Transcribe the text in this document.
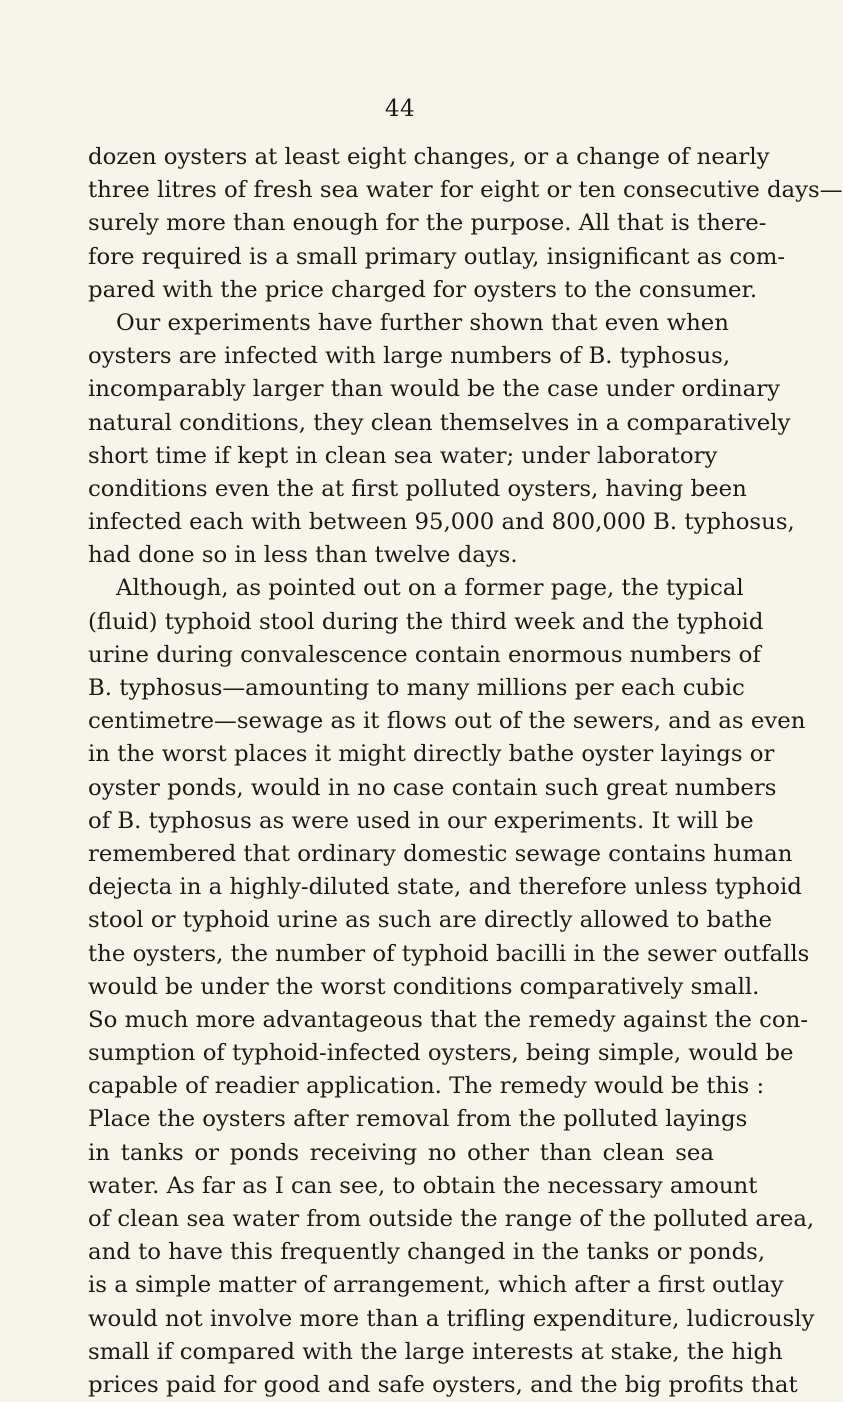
44
dozen oysters at least eight changes, or a change of nearly
three litres of fresh sea water for eight or ten consecutive days—
surely more than enough for the purpose. All that is there-
fore required is a small primary outlay, insignificant as com-
pared with the price charged for oysters to the consumer.
Our experiments have further shown that even when
oysters are infected with large numbers of B. typhosus,
incomparably larger than would be the case under ordinary
natural conditions, they clean themselves in a comparatively
short time if kept in clean sea water; under laboratory
conditions even the at first polluted oysters, having been
infected each with between 95,000 and 800,000 B. typhosus,
had done so in less than twelve days.
Although, as pointed out on a former page, the typical
(fluid) typhoid stool during the third week and the typhoid
urine during convalescence contain enormous numbers of
B. typhosus—amounting to many millions per each cubic
centimetre—sewage as it flows out of the sewers, and as even
in the worst places it might directly bathe oyster layings or
oyster ponds, would in no case contain such great numbers
of B. typhosus as were used in our experiments. It will be
remembered that ordinary domestic sewage contains human
dejecta in a highly-diluted state, and therefore unless typhoid
stool or typhoid urine as such are directly allowed to bathe
the oysters, the number of typhoid bacilli in the sewer outfalls
would be under the worst conditions comparatively small.
So much more advantageous that the remedy against the con-
sumption of typhoid-infected oysters, being simple, would be
capable of readier application. The remedy would be this :
Place the oysters after removal from the polluted layings
in tanks or ponds receiving no other than clean sea
water. As far as I can see, to obtain the necessary amount
of clean sea water from outside the range of the polluted area,
and to have this frequently changed in the tanks or ponds,
is a simple matter of arrangement, which after a first outlay
would not involve more than a trifling expenditure, ludicrously
small if compared with the large interests at stake, the high
prices paid for good and safe oysters, and the big profits that
